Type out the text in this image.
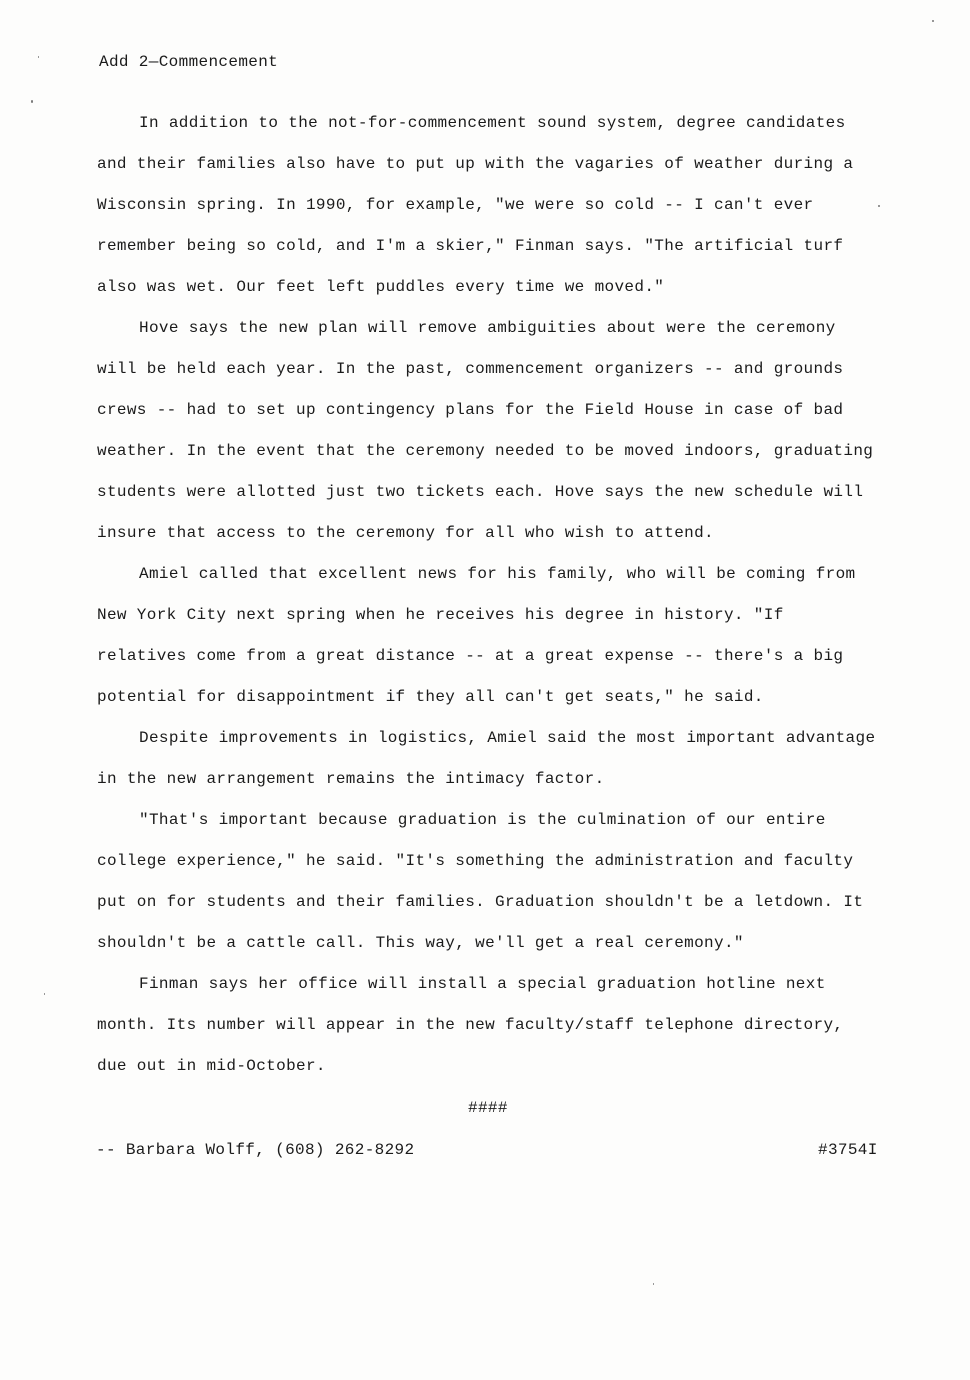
Add 2—Commencement
In addition to the not-for-commencement sound system, degree candidates
and their families also have to put up with the vagaries of weather during a
Wisconsin spring. In 1990, for example, "we were so cold -- I can't ever
remember being so cold, and I'm a skier," Finman says. "The artificial turf
also was wet. Our feet left puddles every time we moved."
Hove says the new plan will remove ambiguities about were the ceremony
will be held each year. In the past, commencement organizers -- and grounds
crews -- had to set up contingency plans for the Field House in case of bad
weather. In the event that the ceremony needed to be moved indoors, graduating
students were allotted just two tickets each. Hove says the new schedule will
insure that access to the ceremony for all who wish to attend.
Amiel called that excellent news for his family, who will be coming from
New York City next spring when he receives his degree in history. "If
relatives come from a great distance -- at a great expense -- there's a big
potential for disappointment if they all can't get seats," he said.
Despite improvements in logistics, Amiel said the most important advantage
in the new arrangement remains the intimacy factor.
"That's important because graduation is the culmination of our entire
college experience," he said. "It's something the administration and faculty
put on for students and their families. Graduation shouldn't be a letdown. It
shouldn't be a cattle call. This way, we'll get a real ceremony."
Finman says her office will install a special graduation hotline next
month. Its number will appear in the new faculty/staff telephone directory,
due out in mid-October.
####
-- Barbara Wolff, (608) 262-8292	#3754I
